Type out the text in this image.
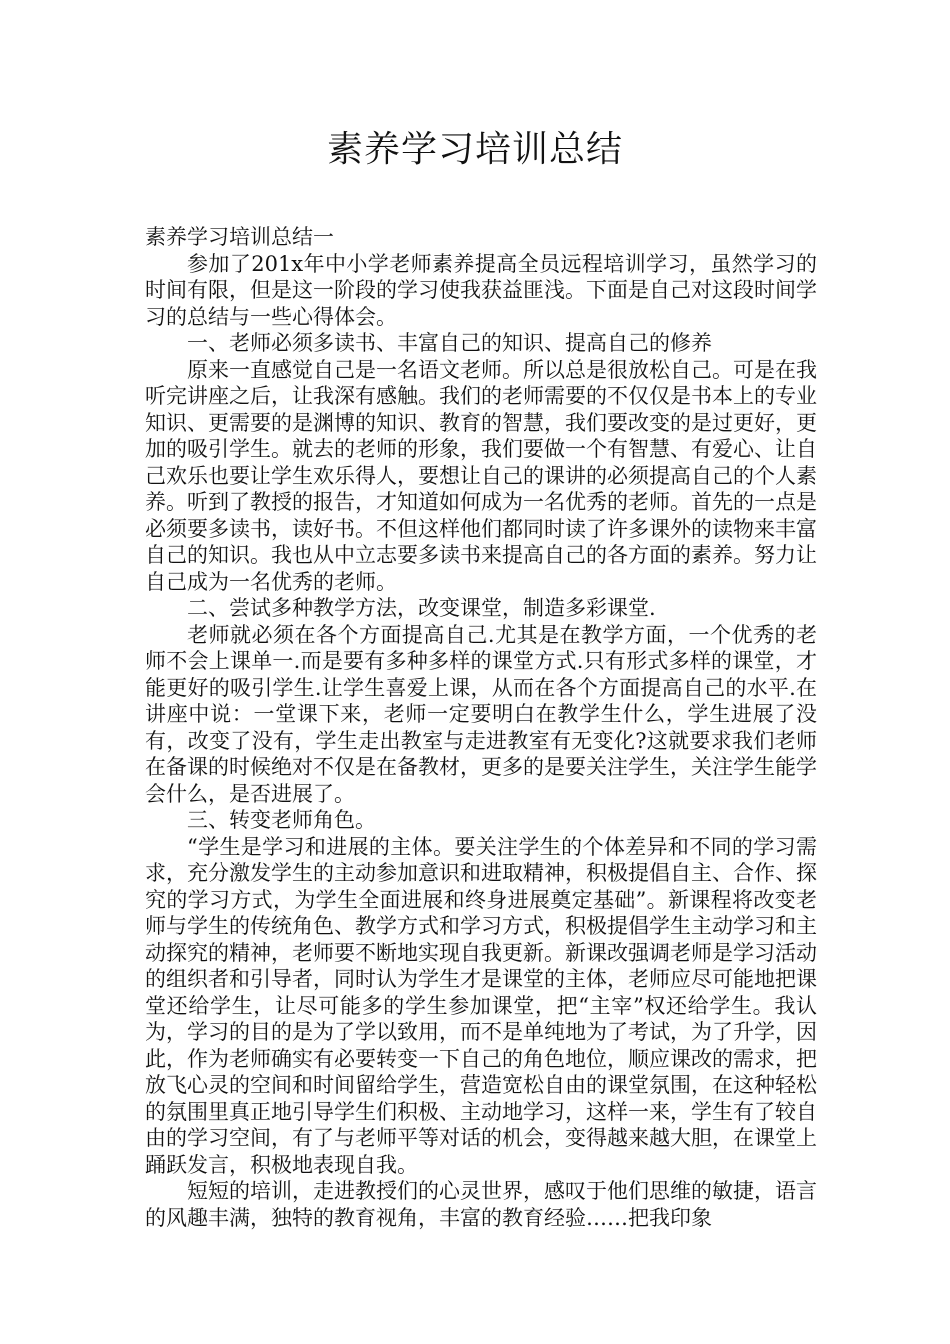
素养学习培训总结

素养学习培训总结一

参加了201x年中小学老师素养提高全员远程培训学习，虽然学习的时间有限，但是这一阶段的学习使我获益匪浅。下面是自己对这段时间学习的总结与一些心得体会。

一、老师必须多读书、丰富自己的知识、提高自己的修养

原来一直感觉自己是一名语文老师。所以总是很放松自己。可是在我听完讲座之后，让我深有感触。我们的老师需要的不仅仅是书本上的专业知识、更需要的是渊博的知识、教育的智慧，我们要改变的是过更好，更加的吸引学生。就去的老师的形象，我们要做一个有智慧、有爱心、让自己欢乐也要让学生欢乐得人，要想让自己的课讲的必须提高自己的个人素养。听到了教授的报告，才知道如何成为一名优秀的老师。首先的一点是必须要多读书，读好书。不但这样他们都同时读了许多课外的读物来丰富自己的知识。我也从中立志要多读书来提高自己的各方面的素养。努力让自己成为一名优秀的老师。

二、尝试多种教学方法，改变课堂，制造多彩课堂.

老师就必须在各个方面提高自己.尤其是在教学方面，一个优秀的老师不会上课单一.而是要有多种多样的课堂方式.只有形式多样的课堂，才能更好的吸引学生.让学生喜爱上课，从而在各个方面提高自己的水平.在讲座中说：一堂课下来，老师一定要明白在教学生什么，学生进展了没有，改变了没有，学生走出教室与走进教室有无变化?这就要求我们老师在备课的时候绝对不仅是在备教材，更多的是要关注学生，关注学生能学会什么，是否进展了。

三、转变老师角色。

“学生是学习和进展的主体。要关注学生的个体差异和不同的学习需求，充分激发学生的主动参加意识和进取精神，积极提倡自主、合作、探究的学习方式，为学生全面进展和终身进展奠定基础”。新课程将改变老师与学生的传统角色、教学方式和学习方式，积极提倡学生主动学习和主动探究的精神，老师要不断地实现自我更新。新课改强调老师是学习活动的组织者和引导者，同时认为学生才是课堂的主体，老师应尽可能地把课堂还给学生，让尽可能多的学生参加课堂，把“主宰”权还给学生。我认为，学习的目的是为了学以致用，而不是单纯地为了考试，为了升学，因此，作为老师确实有必要转变一下自己的角色地位，顺应课改的需求，把放飞心灵的空间和时间留给学生，营造宽松自由的课堂氛围，在这种轻松的氛围里真正地引导学生们积极、主动地学习，这样一来，学生有了较自由的学习空间，有了与老师平等对话的机会，变得越来越大胆，在课堂上踊跃发言，积极地表现自我。

短短的培训，走进教授们的心灵世界，感叹于他们思维的敏捷，语言的风趣丰满，独特的教育视角，丰富的教育经验……把我印象
